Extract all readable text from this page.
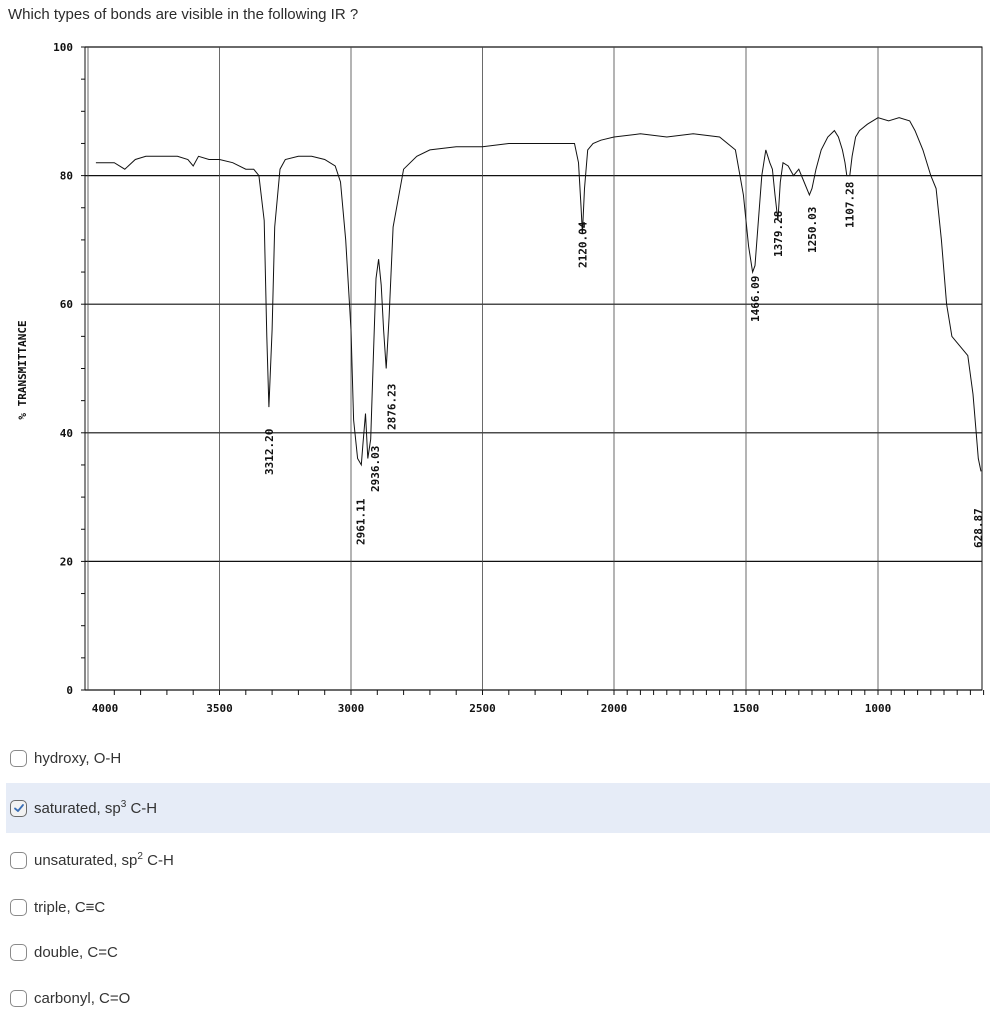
Which types of bonds are visible in the following IR ?
0
20
40
60
80
100
4000	3500	3000	2500	2000	1500	1000
3312.20
2961.11
2936.03
2876.23
2120.04
1466.09
1379.28 1250.03
1107.28
628.87
% TRANSMITTANCE
hydroxy, O-H
saturated, $sp^3$ C-H
unsaturated, $sp^2$ C-H
triple, C≡C
double, C=C
carbonyl, C=O
